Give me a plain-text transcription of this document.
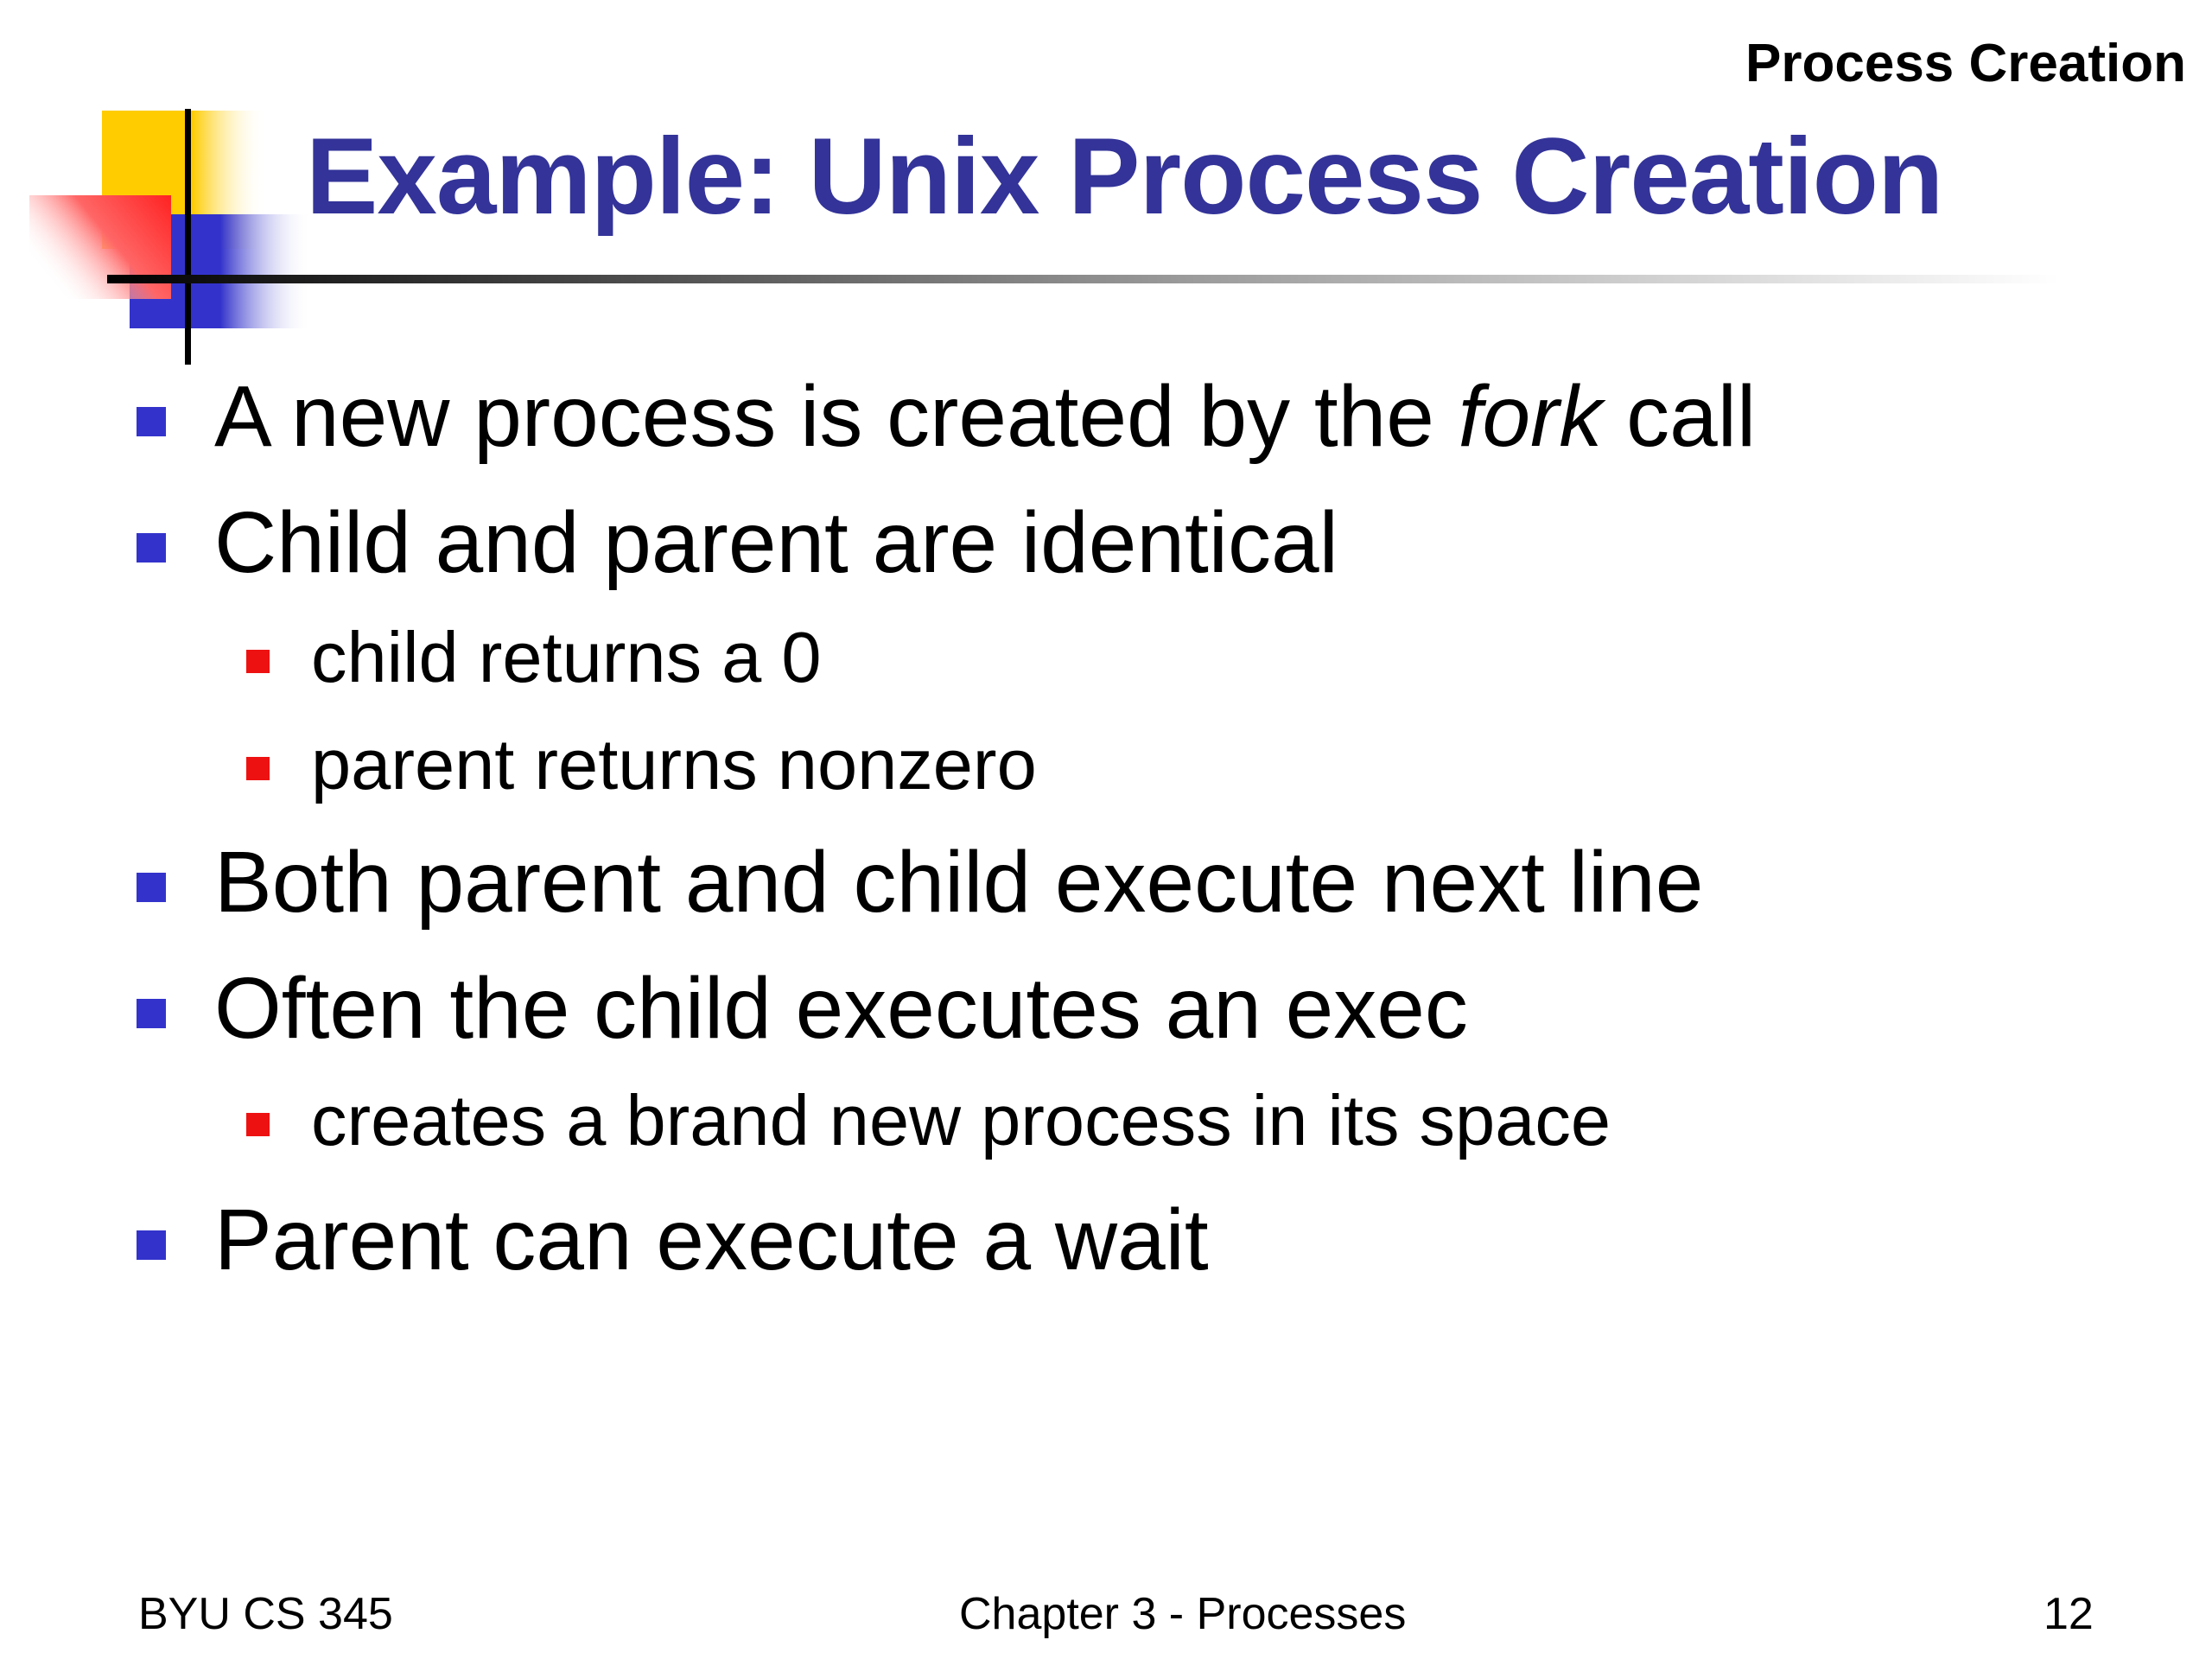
Process Creation
Example: Unix Process Creation
A new process is created by the fork call
Child and parent are identical
child returns a 0
parent returns nonzero
Both parent and child execute next line
Often the child executes an exec
creates a brand new process in its space
Parent can execute a wait
BYU CS 345	Chapter 3 - Processes	12
